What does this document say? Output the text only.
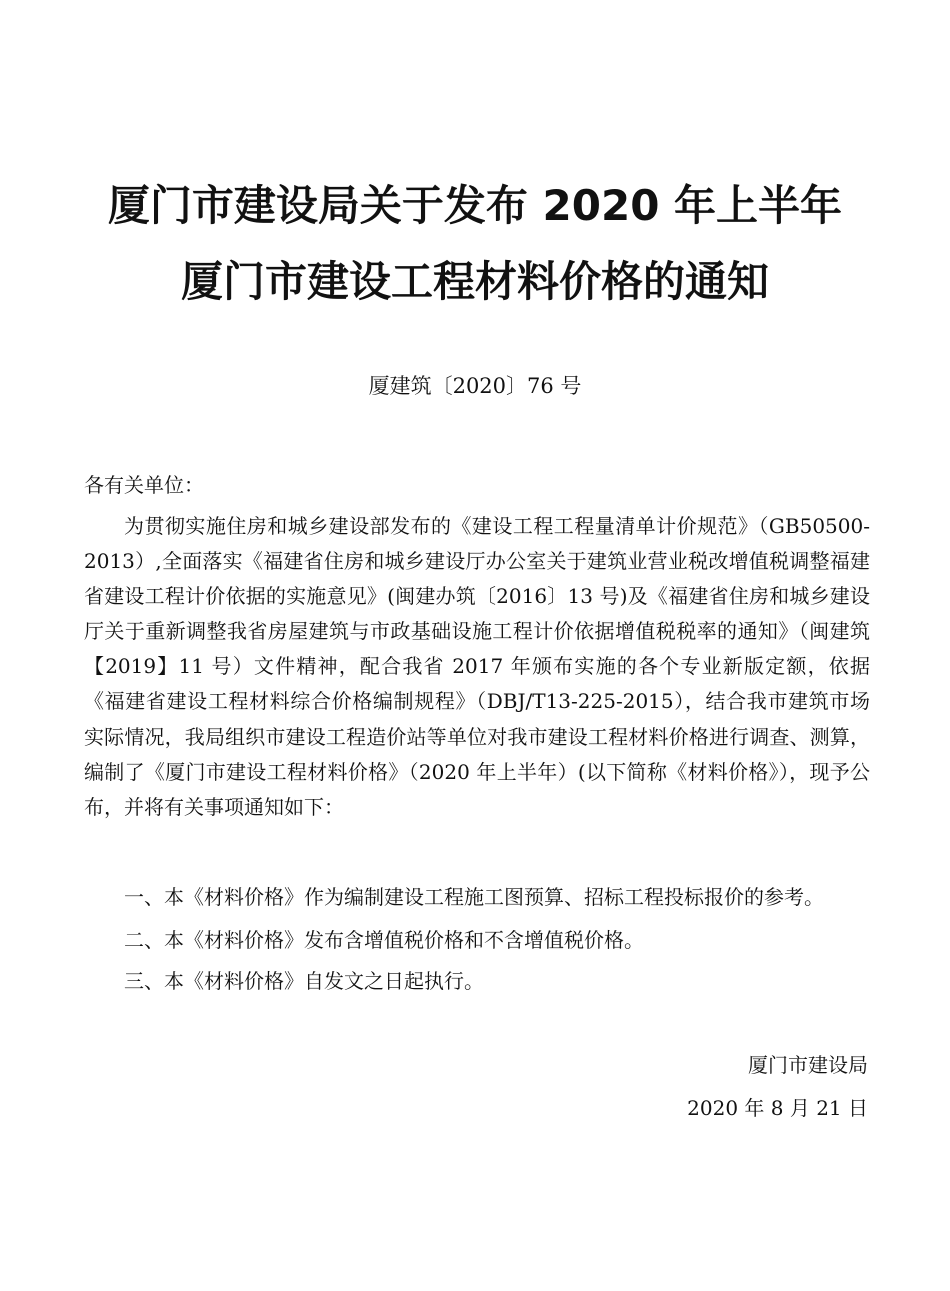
厦门市建设局关于发布 2020 年上半年
厦门市建设工程材料价格的通知
厦建筑〔2020〕76 号
各有关单位：

为贯彻实施住房和城乡建设部发布的《建设工程工程量清单计价规范》（GB50500-2013）,全面落实《福建省住房和城乡建设厅办公室关于建筑业营业税改增值税调整福建省建设工程计价依据的实施意见》(闽建办筑〔2016〕13 号)及《福建省住房和城乡建设厅关于重新调整我省房屋建筑与市政基础设施工程计价依据增值税税率的通知》（闽建筑【2019】11 号）文件精神，配合我省 2017 年颁布实施的各个专业新版定额，依据《福建省建设工程材料综合价格编制规程》（DBJ/T13-225-2015），结合我市建筑市场实际情况，我局组织市建设工程造价站等单位对我市建设工程材料价格进行调查、测算，编制了《厦门市建设工程材料价格》（2020 年上半年）(以下简称《材料价格》），现予公布，并将有关事项通知如下：

一、本《材料价格》作为编制建设工程施工图预算、招标工程投标报价的参考。
二、本《材料价格》发布含增值税价格和不含增值税价格。
三、本《材料价格》自发文之日起执行。
厦门市建设局
2020 年 8 月 21 日
